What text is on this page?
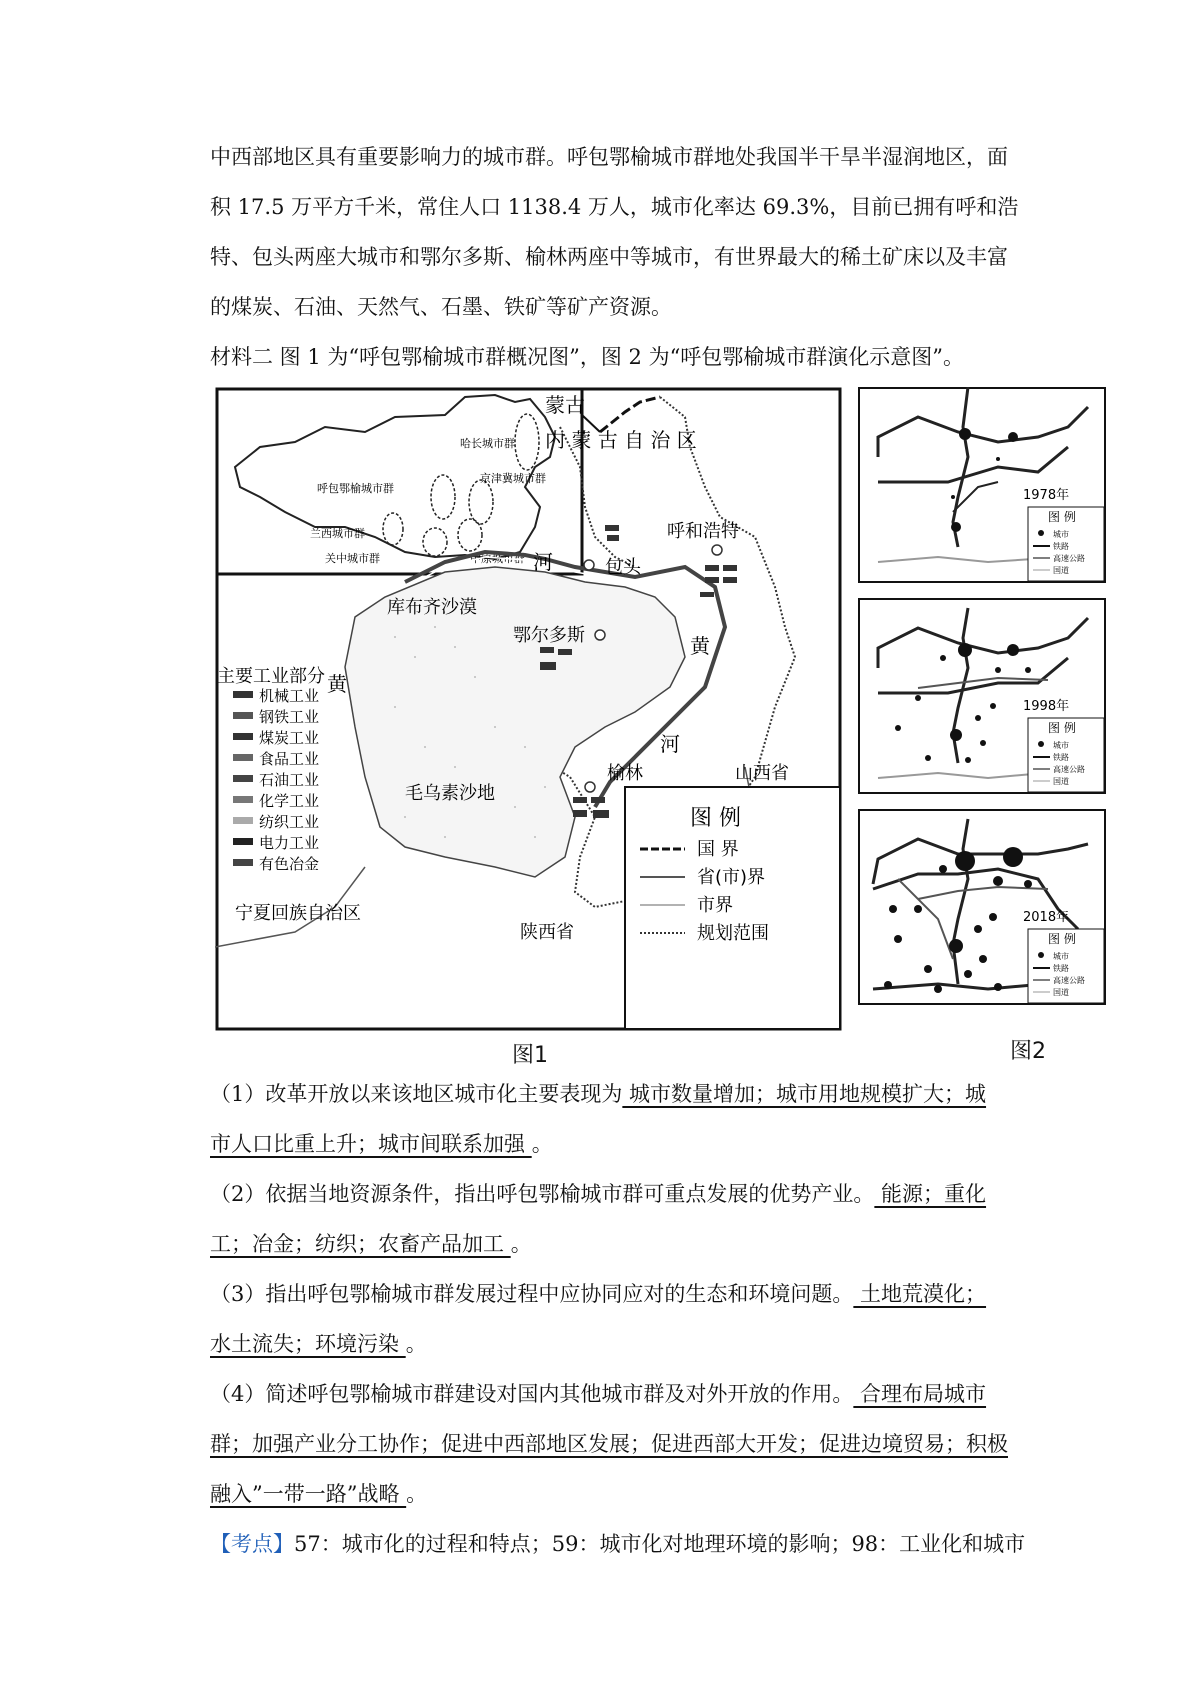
中西部地区具有重要影响力的城市群。呼包鄂榆城市群地处我国半干旱半湿润地区，面
积 17.5 万平方千米，常住人口 1138.4 万人，城市化率达 69.3%，目前已拥有呼和浩
特、包头两座大城市和鄂尔多斯、榆林两座中等城市，有世界最大的稀土矿床以及丰富
的煤炭、石油、天然气、石墨、铁矿等矿产资源。
材料二 图 1 为“呼包鄂榆城市群概况图”，图 2 为“呼包鄂榆城市群演化示意图”。
哈长城市群
呼包鄂榆城市群
京津冀城市群
兰西城市群
关中城市群	中原城市群
蒙古
内 蒙 古 自 治 区
呼和浩特
包头
鄂尔多斯
榆林
库布齐沙漠
毛乌素沙地
山西省
陕西省
宁夏回族自治区
河
黄
黄
河
主要工业部分
机械工业
钢铁工业
煤炭工业
食品工业
石油工业
化学工业
纺织工业
电力工业
有色冶金
图 例
国 界
省(市)界
市界
规划范围
图1
1978年
图 例
城市
铁路
高速公路
国道
1998年
图 例
城市
铁路
高速公路
国道
2018年
图 例
城市
铁路
高速公路
国道
图2
（1）改革开放以来该地区城市化主要表现为 城市数量增加；城市用地规模扩大；城
市人口比重上升；城市间联系加强 。
（2）依据当地资源条件，指出呼包鄂榆城市群可重点发展的优势产业。 能源；重化
工；冶金；纺织；农畜产品加工 。
（3）指出呼包鄂榆城市群发展过程中应协同应对的生态和环境问题。 土地荒漠化；
水土流失；环境污染 。
（4）简述呼包鄂榆城市群建设对国内其他城市群及对外开放的作用。 合理布局城市
群；加强产业分工协作；促进中西部地区发展；促进西部大开发；促进边境贸易；积极
融入”一带一路”战略 。
【考点】57：城市化的过程和特点；59：城市化对地理环境的影响；98：工业化和城市
